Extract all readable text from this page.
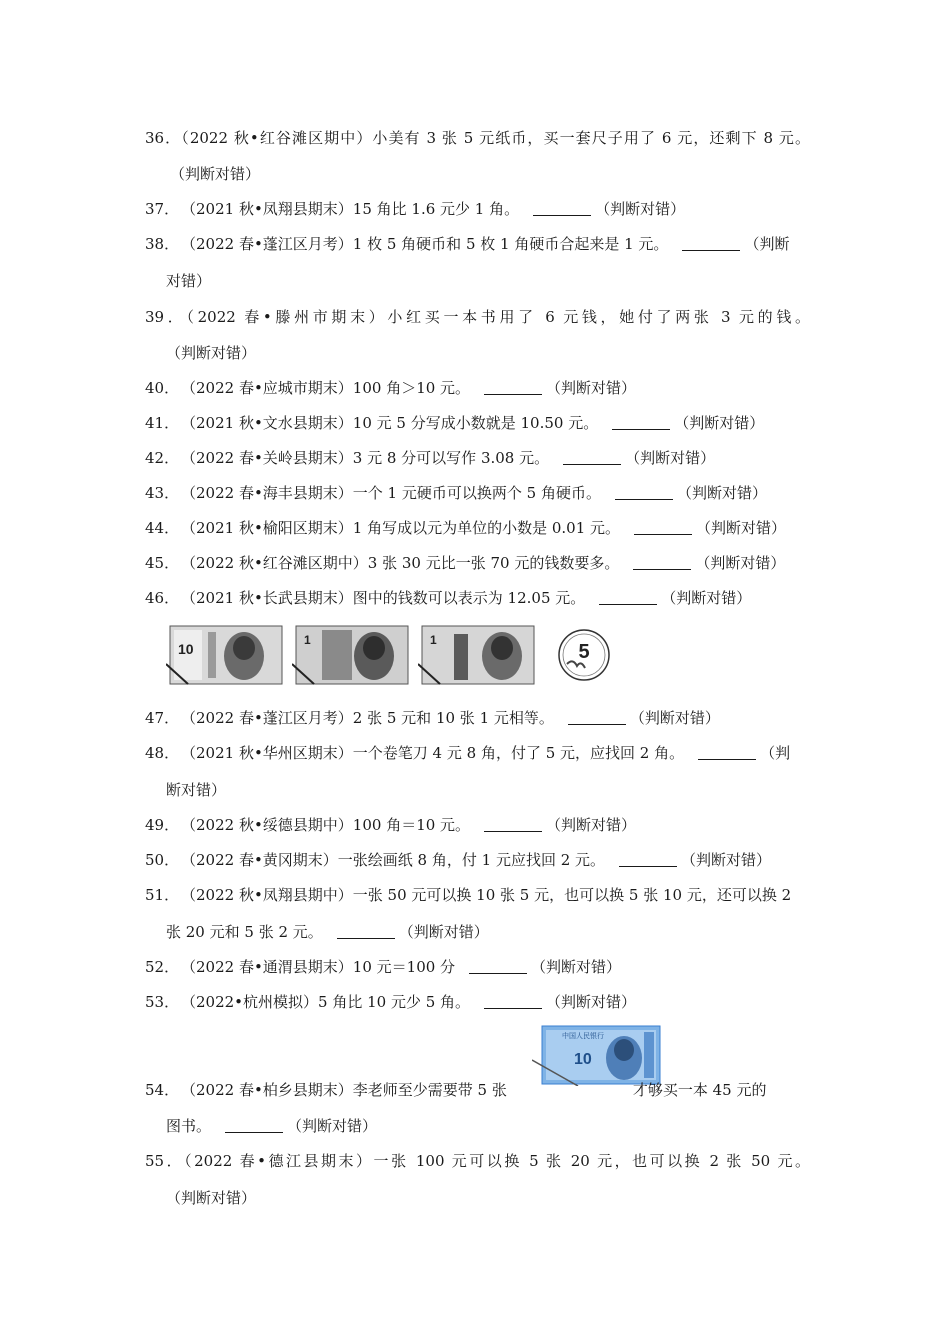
36．（2022 秋•红谷滩区期中）小美有 3 张 5 元纸币，买一套尺子用了 6 元，还剩下 8 元。
（判断对错）
37． （2021 秋•凤翔县期末）15 角比 1.6 元少 1 角。	（判断对错）
38． （2022 春•蓬江区月考）1 枚 5 角硬币和 5 枚 1 角硬币合起来是 1 元。	（判断
对错）
39．（2022 春•滕州市期末）小红买一本书用了 6 元钱，她付了两张 3 元的钱。
（判断对错）
40． （2022 春•应城市期末）100 角＞10 元。	（判断对错）
41． （2021 秋•文水县期末）10 元 5 分写成小数就是 10.50 元。	（判断对错）
42． （2022 春•关岭县期末）3 元 8 分可以写作 3.08 元。	（判断对错）
43． （2022 春•海丰县期末）一个 1 元硬币可以换两个 5 角硬币。	（判断对错）
44． （2021 秋•榆阳区期末）1 角写成以元为单位的小数是 0.01 元。	（判断对错）
45． （2022 秋•红谷滩区期中）3 张 30 元比一张 70 元的钱数要多。	（判断对错）
46． （2021 秋•长武县期末）图中的钱数可以表示为 12.05 元。	（判断对错）
10
1	1
5
47． （2022 春•蓬江区月考）2 张 5 元和 10 张 1 元相等。	（判断对错）
48． （2021 秋•华州区期末）一个卷笔刀 4 元 8 角，付了 5 元，应找回 2 角。	（判
断对错）
49． （2022 秋•绥德县期中）100 角＝10 元。	（判断对错）
50． （2022 春•黄冈期末）一张绘画纸 8 角，付 1 元应找回 2 元。	（判断对错）
51． （2022 秋•凤翔县期中）一张 50 元可以换 10 张 5 元，也可以换 5 张 10 元，还可以换 2
张 20 元和 5 张 2 元。	（判断对错）
52． （2022 春•通渭县期末）10 元＝100 分	（判断对错）
53． （2022•杭州模拟）5 角比 10 元少 5 角。	（判断对错）
中国人民银行
10
54． （2022 春•柏乡县期末）李老师至少需要带 5 张	才够买一本 45 元的
图书。	（判断对错）
55．（2022 春•德江县期末）一张 100 元可以换 5 张 20 元，也可以换 2 张 50 元。
（判断对错）
